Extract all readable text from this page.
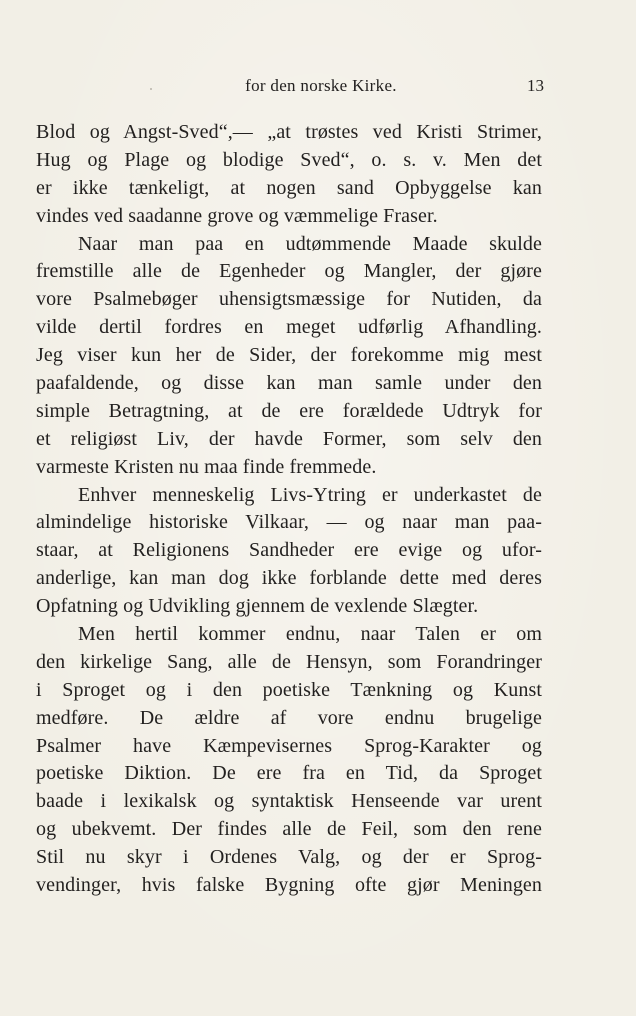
for den norske Kirke.	13
Blod og Angst-Sved“,— „at trøstes ved Kristi Strimer,
Hug og Plage og blodige Sved“, o. s. v. Men det
er ikke tænkeligt, at nogen sand Opbyggelse kan
vindes ved saadanne grove og væmmelige Fraser.
Naar man paa en udtømmende Maade skulde
fremstille alle de Egenheder og Mangler, der gjøre
vore Psalmebøger uhensigtsmæssige for Nutiden, da
vilde dertil fordres en meget udførlig Afhandling.
Jeg viser kun her de Sider, der forekomme mig mest
paafaldende, og disse kan man samle under den
simple Betragtning, at de ere forældede Udtryk for
et religiøst Liv, der havde Former, som selv den
varmeste Kristen nu maa finde fremmede.
Enhver menneskelig Livs-Ytring er underkastet de
almindelige historiske Vilkaar, — og naar man paa-
staar, at Religionens Sandheder ere evige og ufor-
anderlige, kan man dog ikke forblande dette med deres
Opfatning og Udvikling gjennem de vexlende Slægter.
Men hertil kommer endnu, naar Talen er om
den kirkelige Sang, alle de Hensyn, som Forandringer
i Sproget og i den poetiske Tænkning og Kunst
medføre. De ældre af vore endnu brugelige
Psalmer have Kæmpevisernes Sprog-Karakter og
poetiske Diktion. De ere fra en Tid, da Sproget
baade i lexikalsk og syntaktisk Henseende var urent
og ubekvemt. Der findes alle de Feil, som den rene
Stil nu skyr i Ordenes Valg, og der er Sprog-
vendinger, hvis falske Bygning ofte gjør Meningen
